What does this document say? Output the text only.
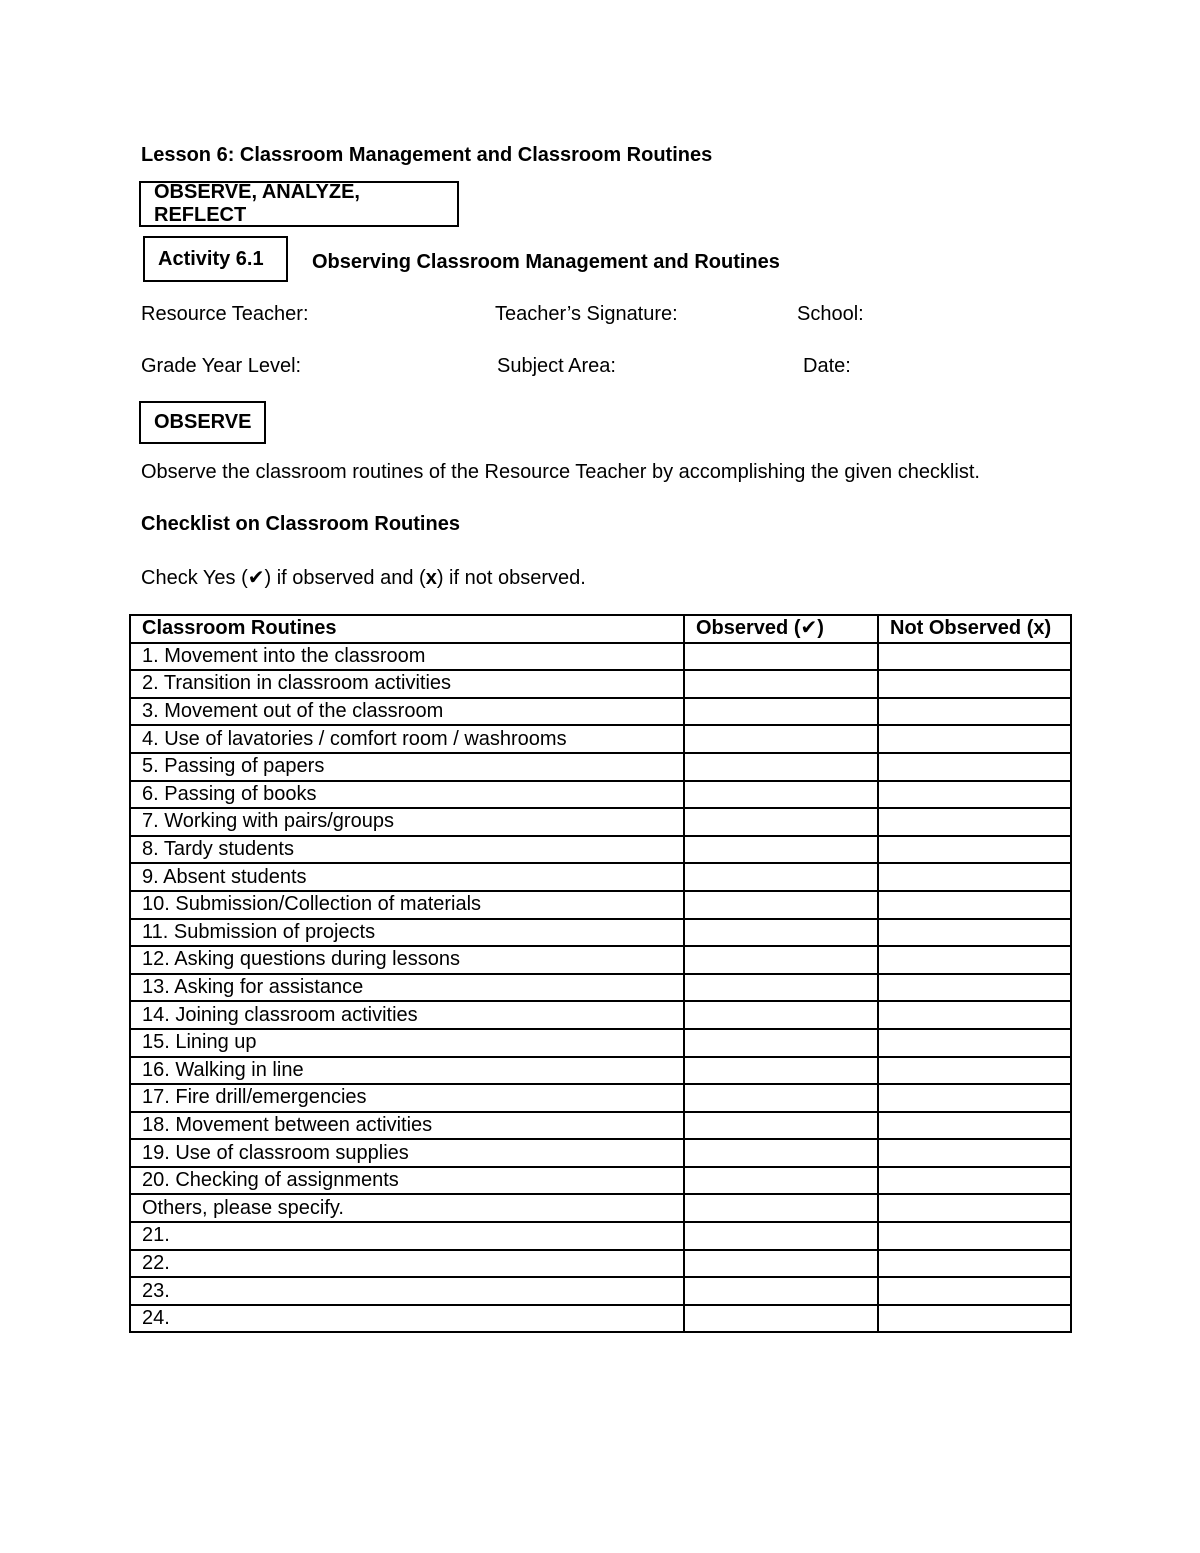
Lesson 6: Classroom Management and Classroom Routines
OBSERVE, ANALYZE, REFLECT
Activity 6.1 Observing Classroom Management and Routines
Resource Teacher:	Teacher’s Signature:	School:
Grade Year Level:	Subject Area:	Date:
OBSERVE
Observe the classroom routines of the Resource Teacher by accomplishing the given checklist.
Checklist on Classroom Routines
Check Yes (✔) if observed and (x) if not observed.
Classroom Routines	Observed (✔)	Not Observed (x)
1. Movement into the classroom		
2. Transition in classroom activities		
3. Movement out of the classroom		
4. Use of lavatories / comfort room / washrooms		
5. Passing of papers		
6. Passing of books		
7. Working with pairs/groups		
8. Tardy students		
9. Absent students		
10. Submission/Collection of materials		
11. Submission of projects		
12. Asking questions during lessons		
13. Asking for assistance		
14. Joining classroom activities		
15. Lining up		
16. Walking in line		
17. Fire drill/emergencies		
18. Movement between activities		
19. Use of classroom supplies		
20. Checking of assignments		
Others, please specify.		
21.		
22.		
23.		
24.		
